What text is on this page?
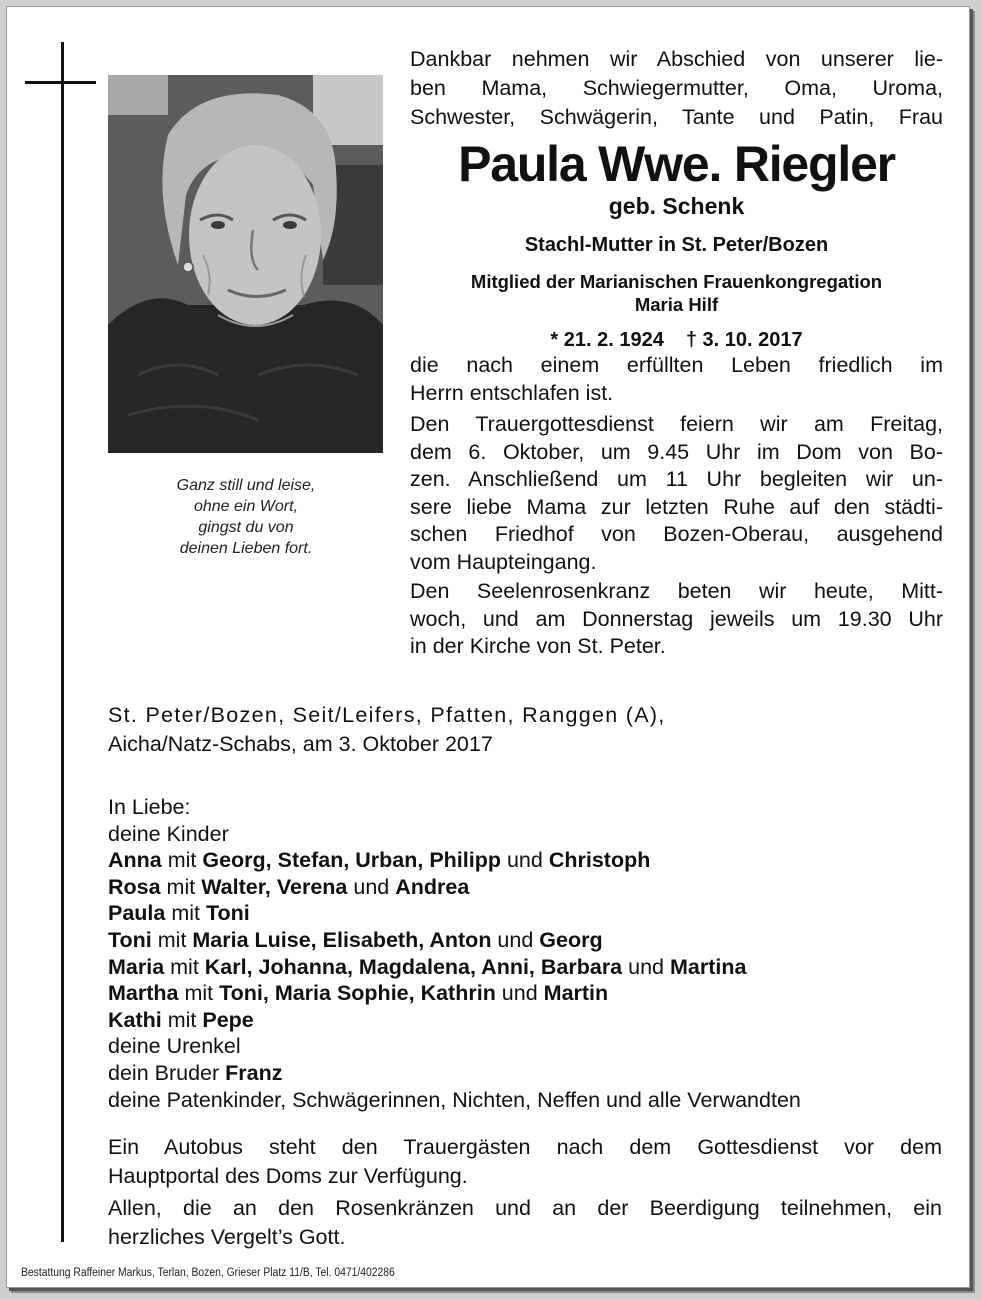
Ganz still und leise,
ohne ein Wort,
gingst du von
deinen Lieben fort.
Dankbar nehmen wir Abschied von unserer lie-
ben Mama, Schwiegermutter, Oma, Uroma,
Schwester, Schwägerin, Tante und Patin, Frau
Paula Wwe. Riegler
geb. Schenk
Stachl-Mutter in St. Peter/Bozen
Mitglied der Marianischen Frauenkongregation
Maria Hilf
* 21. 2. 1924 † 3. 10. 2017
die nach einem erfüllten Leben friedlich im
Herrn entschlafen ist.
Den Trauergottesdienst feiern wir am Freitag,
dem 6. Oktober, um 9.45 Uhr im Dom von Bo-
zen. Anschließend um 11 Uhr begleiten wir un-
sere liebe Mama zur letzten Ruhe auf den städti-
schen Friedhof von Bozen-Oberau, ausgehend
vom Haupteingang.
Den Seelenrosenkranz beten wir heute, Mitt-
woch, und am Donnerstag jeweils um 19.30 Uhr
in der Kirche von St. Peter.
St. Peter/Bozen, Seit/Leifers, Pfatten, Ranggen (A),
Aicha/Natz-Schabs, am 3. Oktober 2017
In Liebe:
deine Kinder
Anna mit Georg, Stefan, Urban, Philipp und Christoph
Rosa mit Walter, Verena und Andrea
Paula mit Toni
Toni mit Maria Luise, Elisabeth, Anton und Georg
Maria mit Karl, Johanna, Magdalena, Anni, Barbara und Martina
Martha mit Toni, Maria Sophie, Kathrin und Martin
Kathi mit Pepe
deine Urenkel
dein Bruder Franz
deine Patenkinder, Schwägerinnen, Nichten, Neffen und alle Verwandten
Ein Autobus steht den Trauergästen nach dem Gottesdienst vor dem
Hauptportal des Doms zur Verfügung.
Allen, die an den Rosenkränzen und an der Beerdigung teilnehmen, ein
herzliches Vergelt’s Gott.
Bestattung Raffeiner Markus, Terlan, Bozen, Grieser Platz 11/B, Tel. 0471/402286
